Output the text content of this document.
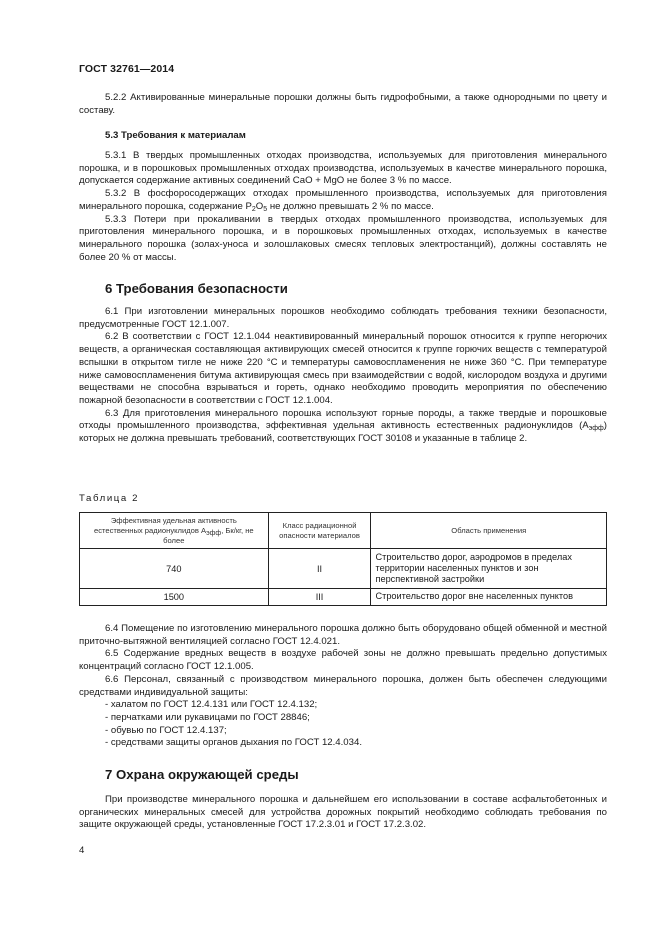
ГОСТ 32761—2014

5.2.2 Активированные минеральные порошки должны быть гидрофобными, а также однородными по цвету и составу.

5.3 Требования к материалам

5.3.1 В твердых промышленных отходах производства, используемых для приготовления минерального порошка, и в порошковых промышленных отходах производства, используемых в качестве минерального порошка, допускается содержание активных соединений CaO + MgO не более 3 % по массе.

5.3.2 В фосфоросодержащих отходах промышленного производства, используемых для приготовления минерального порошка, содержание $P_2O_5$ не должно превышать 2 % по массе.

5.3.3 Потери при прокаливании в твердых отходах промышленного производства, используемых для приготовления минерального порошка, и в порошковых промышленных отходах, используемых в качестве минерального порошка (золах-уноса и золошлаковых смесях тепловых электростанций), должны составлять не более 20 % от массы.

6 Требования безопасности

6.1 При изготовлении минеральных порошков необходимо соблюдать требования техники безопасности, предусмотренные ГОСТ 12.1.007.

6.2 В соответствии с ГОСТ 12.1.044 неактивированный минеральный порошок относится к группе негорючих веществ, а органическая составляющая активирующих смесей относится к группе горючих веществ с температурой вспышки в открытом тигле не ниже 220 °С и температуры самовоспламенения не ниже 360 °С. При температуре ниже самовоспламенения битума активирующая смесь при взаимодействии с водой, кислородом воздуха и другими веществами не способна взрываться и гореть, однако необходимо проводить мероприятия по обеспечению пожарной безопасности в соответствии с ГОСТ 12.1.004.

6.3 Для приготовления минерального порошка используют горные породы, а также твердые и порошковые отходы промышленного производства, эффективная удельная активность естественных радионуклидов $(А_{эфф})$ которых не должна превышать требований, соответствующих ГОСТ 30108 и указанные в таблице 2.

Таблица 2
Эффективная удельная активность естественных радионуклидов $А_{эфф}$, Бк/кг, не более	Класс радиационной опасности материалов	Область применения
740	II	Строительство дорог, аэродромов в пределах территории населенных пунктов и зон перспективной застройки
1500	III	Строительство дорог вне населенных пунктов

6.4 Помещение по изготовлению минерального порошка должно быть оборудовано общей обменной и местной приточно-вытяжной вентиляцией согласно ГОСТ 12.4.021.

6.5 Содержание вредных веществ в воздухе рабочей зоны не должно превышать предельно допустимых концентраций согласно ГОСТ 12.1.005.

6.6 Персонал, связанный с производством минерального порошка, должен быть обеспечен следующими средствами индивидуальной защиты:

- халатом по ГОСТ 12.4.131 или ГОСТ 12.4.132;
- перчатками или рукавицами по ГОСТ 28846;
- обувью по ГОСТ 12.4.137;
- средствами защиты органов дыхания по ГОСТ 12.4.034.
7 Охрана окружающей среды

При производстве минерального порошка и дальнейшем его использовании в составе асфальтобетонных и органических минеральных смесей для устройства дорожных покрытий необходимо соблюдать требования по защите окружающей среды, установленные ГОСТ 17.2.3.01 и ГОСТ 17.2.3.02.

4
